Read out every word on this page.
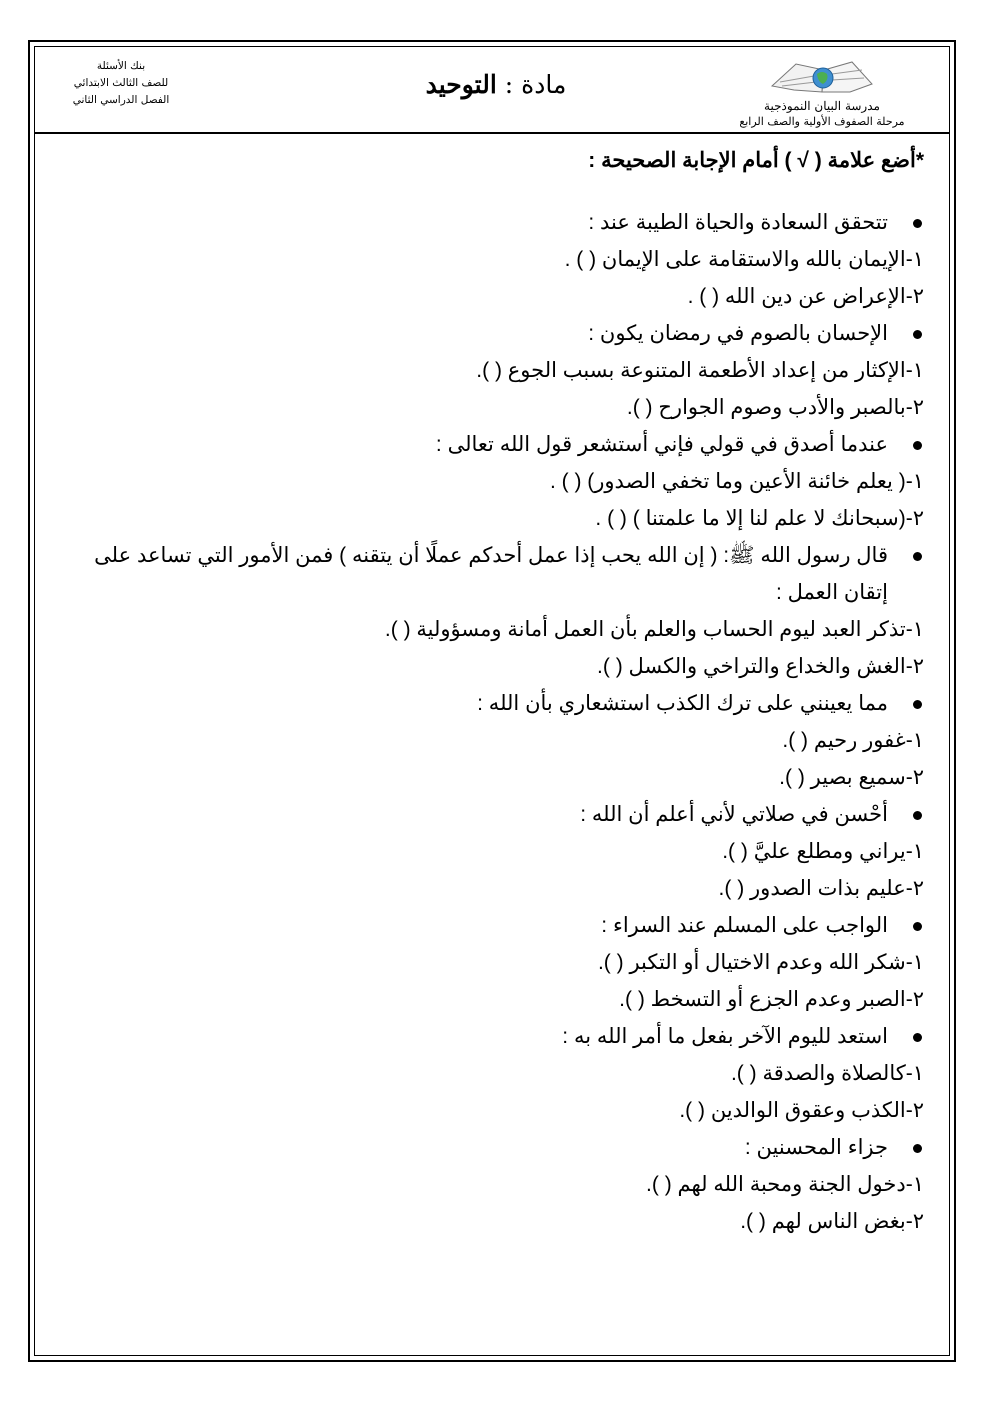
مدرسة البيان النموذجية
مرحلة الصفوف الأولية والصف الرابع
مادة : التوحيد
بنك الأسئلة
للصف الثالث الابتدائي
الفصل الدراسي الثاني
*أضع علامة ( √ ) أمام الإجابة الصحيحة :
تتحقق السعادة والحياة الطيبة عند :
١-الإيمان بالله والاستقامة على الإيمان ( ) .
٢-الإعراض عن دين الله ( ) .
الإحسان بالصوم في رمضان يكون :
١-الإكثار من إعداد الأطعمة المتنوعة بسبب الجوع ( ).
٢-بالصبر والأدب وصوم الجوارح ( ).
عندما أصدق في قولي فإني أستشعر قول الله تعالى :
١-( يعلم خائنة الأعين وما تخفي الصدور) ( ) .
٢-(سبحانك لا علم لنا إلا ما علمتنا ) ( ) .
قال رسول الله ﷺ: ( إن الله يحب إذا عمل أحدكم عملًا أن يتقنه ) فمن الأمور التي تساعد على إتقان العمل :
١-تذكر العبد ليوم الحساب والعلم بأن العمل أمانة ومسؤولية ( ).
٢-الغش والخداع والتراخي والكسل ( ).
مما يعينني على ترك الكذب استشعاري بأن الله :
١-غفور رحيم ( ).
٢-سميع بصير ( ).
أحْسن في صلاتي لأني أعلم أن الله :
١-يراني ومطلع عليَّ ( ).
٢-عليم بذات الصدور ( ).
الواجب على المسلم عند السراء :
١-شكر الله وعدم الاختيال أو التكبر ( ).
٢-الصبر وعدم الجزع أو التسخط ( ).
استعد لليوم الآخر بفعل ما أمر الله به :
١-كالصلاة والصدقة ( ).
٢-الكذب وعقوق الوالدين ( ).
جزاء المحسنين :
١-دخول الجنة ومحبة الله لهم ( ).
٢-بغض الناس لهم ( ).
